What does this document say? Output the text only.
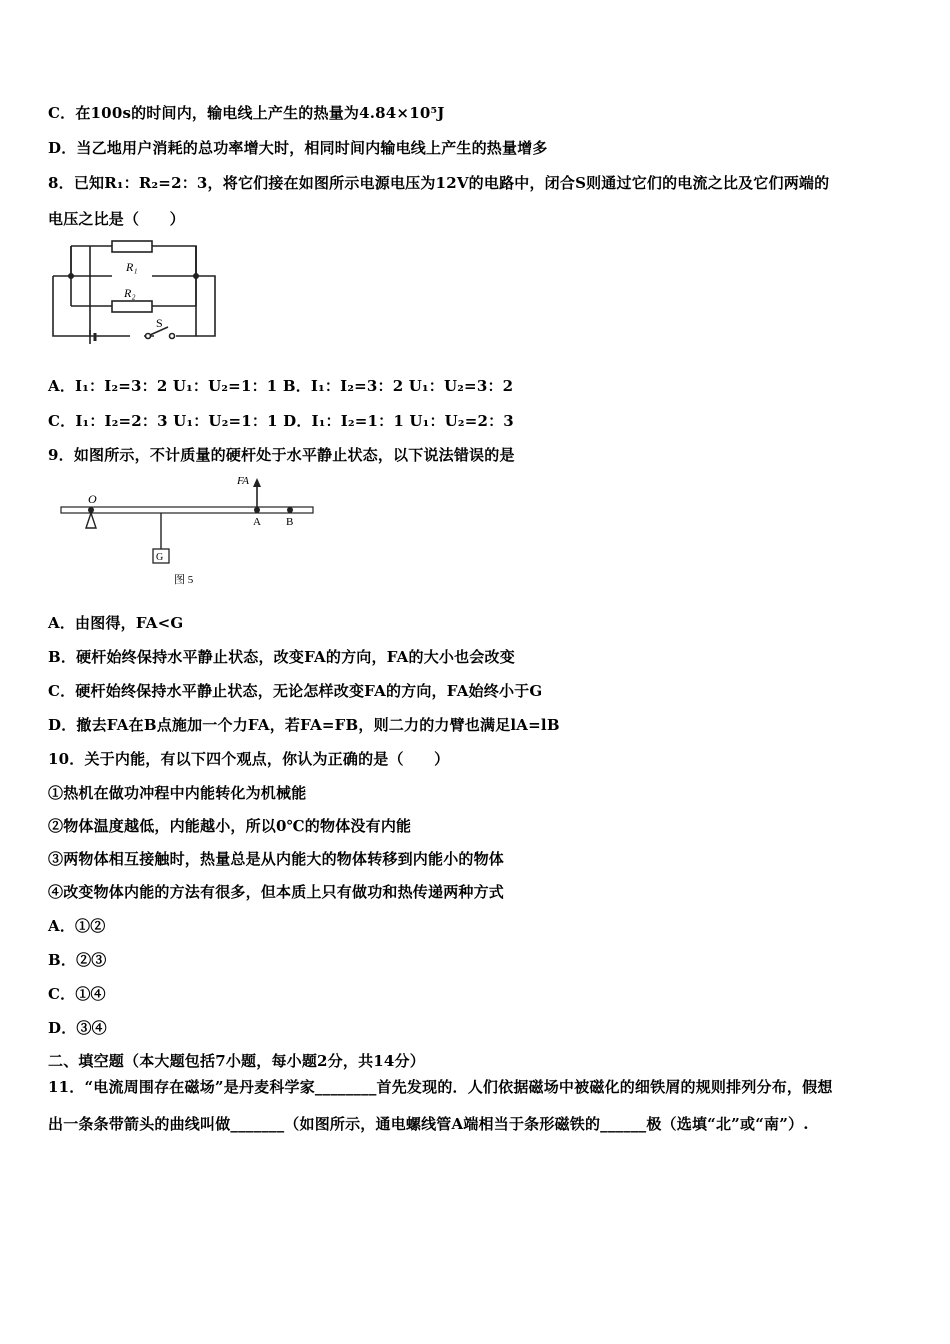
C．在100s的时间内，输电线上产生的热量为4.84×10⁵J
D．当乙地用户消耗的总功率增大时，相同时间内输电线上产生的热量增多
8．已知R₁：R₂=2：3，将它们接在如图所示电源电压为12V的电路中，闭合S则通过它们的电流之比及它们两端的
电压之比是（　　）
R₁
R₂
S
A．I₁：I₂=3：2 U₁：U₂=1：1 B．I₁：I₂=3：2 U₁：U₂=3：2
C．I₁：I₂=2：3 U₁：U₂=1：1 D．I₁：I₂=1：1 U₁：U₂=2：3
9．如图所示，不计质量的硬杆处于水平静止状态，以下说法错误的是
O
FA
A B
G
图 5
A．由图得，FA<G
B．硬杆始终保持水平静止状态，改变FA的方向，FA的大小也会改变
C．硬杆始终保持水平静止状态，无论怎样改变FA的方向，FA始终小于G
D．撤去FA在B点施加一个力FA，若FA=FB，则二力的力臂也满足lA=lB
10．关于内能，有以下四个观点，你认为正确的是（　　）
①热机在做功冲程中内能转化为机械能
②物体温度越低，内能越小，所以0℃的物体没有内能
③两物体相互接触时，热量总是从内能大的物体转移到内能小的物体
④改变物体内能的方法有很多，但本质上只有做功和热传递两种方式
A．①②
B．②③
C．①④
D．③④
二、填空题（本大题包括7小题，每小题2分，共14分）
11．“电流周围存在磁场”是丹麦科学家________首先发现的．人们依据磁场中被磁化的细铁屑的规则排列分布，假想
出一条条带箭头的曲线叫做_______（如图所示，通电螺线管A端相当于条形磁铁的______极（选填“北”或“南”）.
